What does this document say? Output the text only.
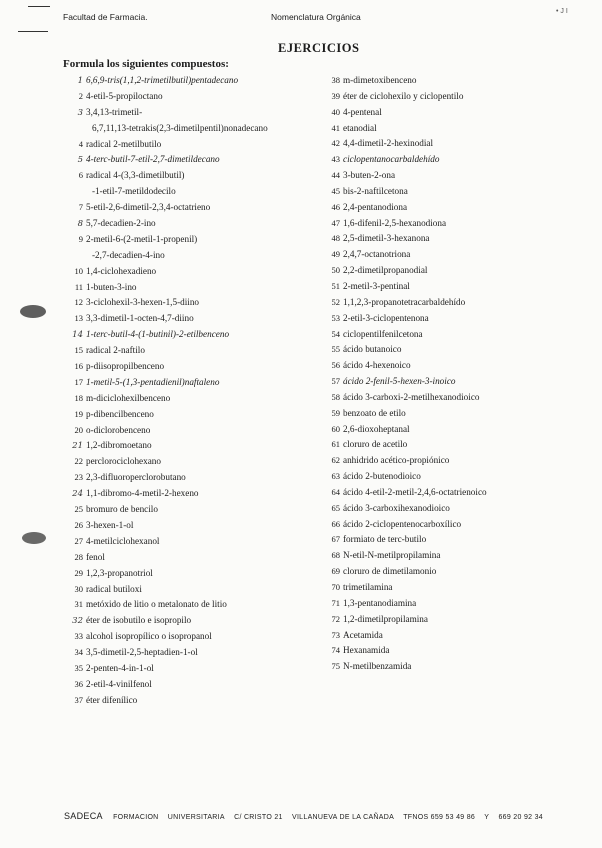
Facultad de Farmacia.	Nomenclatura Orgánica
• J I
EJERCICIOS
Formula los siguientes compuestos:
1 6,6,9-tris(1,1,2-trimetilbutil)pentadecano
2 4-etil-5-propiloctano
3 3,4,13-trimetil-
6,7,11,13-tetrakis(2,3-dimetilpentil)nonadecano
4 radical 2-metilbutilo
5 4-terc-butil-7-etil-2,7-dimetildecano
6 radical 4-(3,3-dimetilbutil)
-1-etil-7-metildodecilo
7 5-etil-2,6-dimetil-2,3,4-octatrieno
8 5,7-decadien-2-ino
9 2-metil-6-(2-metil-1-propenil)
-2,7-decadien-4-ino
10 1,4-ciclohexadieno
11 1-buten-3-ino
12 3-ciclohexil-3-hexen-1,5-diino
13 3,3-dimetil-1-octen-4,7-diino
14 1-terc-butil-4-(1-butinil)-2-etilbenceno
15 radical 2-naftilo
16 p-diisopropilbenceno
17 1-metil-5-(1,3-pentadienil)naftaleno
18 m-diciclohexilbenceno
19 p-dibencilbenceno
20 o-diclorobenceno
21 1,2-dibromoetano
22 perclorociclohexano
23 2,3-difluoroperclorobutano
24 1,1-dibromo-4-metil-2-hexeno
25 bromuro de bencilo
26 3-hexen-1-ol
27 4-metilciclohexanol
28 fenol
29 1,2,3-propanotriol
30 radical butiloxi
31 metóxido de litio o metalonato de litio
32 éter de isobutilo e isopropilo
33 alcohol isopropílico o isopropanol
34 3,5-dimetil-2,5-heptadien-1-ol
35 2-penten-4-in-1-ol
36 2-etil-4-vinilfenol
37 éter difenílico
38 m-dimetoxibenceno
39 éter de ciclohexilo y ciclopentilo
40 4-pentenal
41 etanodial
42 4,4-dimetil-2-hexinodial
43 ciclopentanocarbaldehído
44 3-buten-2-ona
45 bis-2-naftilcetona
46 2,4-pentanodiona
47 1,6-difenil-2,5-hexanodiona
48 2,5-dimetil-3-hexanona
49 2,4,7-octanotriona
50 2,2-dimetilpropanodial
51 2-metil-3-pentinal
52 1,1,2,3-propanotetracarbaldehído
53 2-etil-3-ciclopentenona
54 ciclopentilfenilcetona
55 ácido butanoico
56 ácido 4-hexenoico
57 ácido 2-fenil-5-hexen-3-inoico
58 ácido 3-carboxi-2-metilhexanodioico
59 benzoato de etilo
60 2,6-dioxoheptanal
61 cloruro de acetilo
62 anhidrido acético-propiónico
63 ácido 2-butenodioico
64 ácido 4-etil-2-metil-2,4,6-octatrienoico
65 ácido 3-carboxihexanodioico
66 ácido 2-ciclopentenocarboxílico
67 formiato de terc-butilo
68 N-etil-N-metilpropilamina
69 cloruro de dimetilamonio
70 trimetilamina
71 1,3-pentanodiamina
72 1,2-dimetilpropilamina
73 Acetamida
74 Hexanamida
75 N-metilbenzamida
SADECA FORMACION UNIVERSITARIA C/ CRISTO 21 VILLANUEVA DE LA CAÑADA TFNOS 659 53 49 86 Y 669 20 92 34
